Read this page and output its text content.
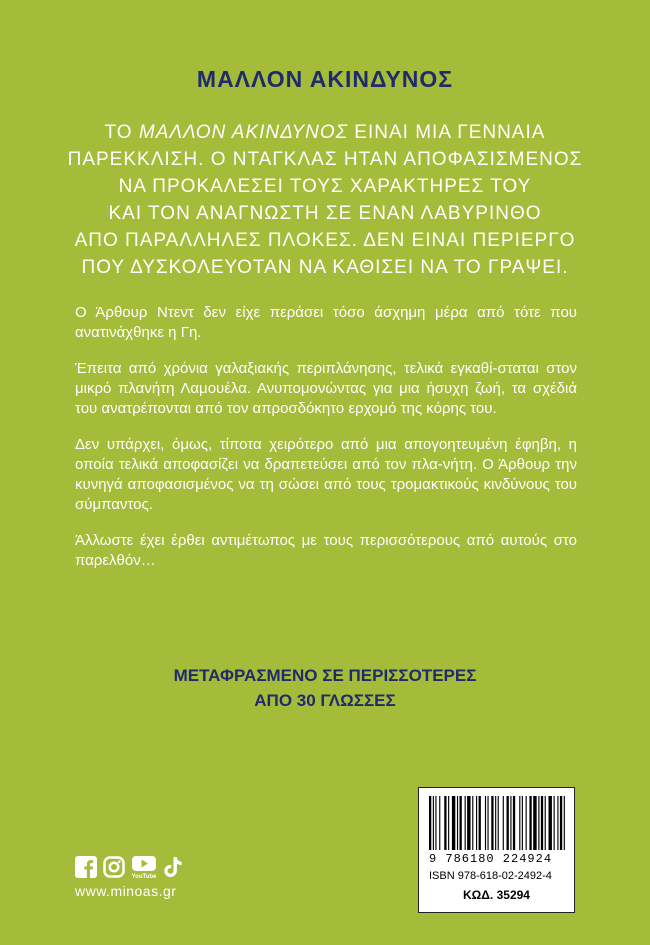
ΜΑΛΛΟΝ ΑΚΙΝΔΥΝΟΣ

ΤΟ ΜΑΛΛΟΝ ΑΚΙΝΔΥΝΟΣ ΕΙΝΑΙ ΜΙΑ ΓΕΝΝΑΙΑ

ΠΑΡΕΚΚΛΙΣΗ. Ο ΝΤΑΓΚΛΑΣ ΗΤΑΝ ΑΠΟΦΑΣΙΣΜΕΝΟΣ

ΝΑ ΠΡΟΚΑΛΕΣΕΙ ΤΟΥΣ ΧΑΡΑΚΤΗΡΕΣ ΤΟΥ

ΚΑΙ ΤΟΝ ΑΝΑΓΝΩΣΤΗ ΣΕ ΕΝΑΝ ΛΑΒΥΡΙΝΘΟ

ΑΠΟ ΠΑΡΑΛΛΗΛΕΣ ΠΛΟΚΕΣ. ΔΕΝ ΕΙΝΑΙ ΠΕΡΙΕΡΓΟ

ΠΟΥ ΔΥΣΚΟΛΕΥΟΤΑΝ ΝΑ ΚΑΘΙΣΕΙ ΝΑ ΤΟ ΓΡΑΨΕΙ.

Ο Άρθουρ Ντεντ δεν είχε περάσει τόσο άσχημη μέρα από τότε που ανατινάχθηκε η Γη.

Έπειτα από χρόνια γαλαξιακής περιπλάνησης, τελικά εγκαθί-σταται στον μικρό πλανήτη Λαμουέλα. Ανυπομονώντας για μια ήσυχη ζωή, τα σχέδιά του ανατρέπονται από τον απροσδόκητο ερχομό της κόρης του.

Δεν υπάρχει, όμως, τίποτα χειρότερο από μια απογοητευμένη έφηβη, η οποία τελικά αποφασίζει να δραπετεύσει από τον πλα-νήτη. Ο Άρθουρ την κυνηγά αποφασισμένος να τη σώσει από τους τρομακτικούς κινδύνους του σύμπαντος.

Άλλωστε έχει έρθει αντιμέτωπος με τους περισσότερους από αυτούς στο παρελθόν…

ΜΕΤΑΦΡΑΣΜΕΝΟ ΣΕ ΠΕΡΙΣΣΟΤΕΡΕΣ

ΑΠΟ 30 ΓΛΩΣΣΕΣ

YouTube
www.minoas.gr
9 786180 224924
ISBN 978-618-02-2492-4
ΚΩΔ. 35294
